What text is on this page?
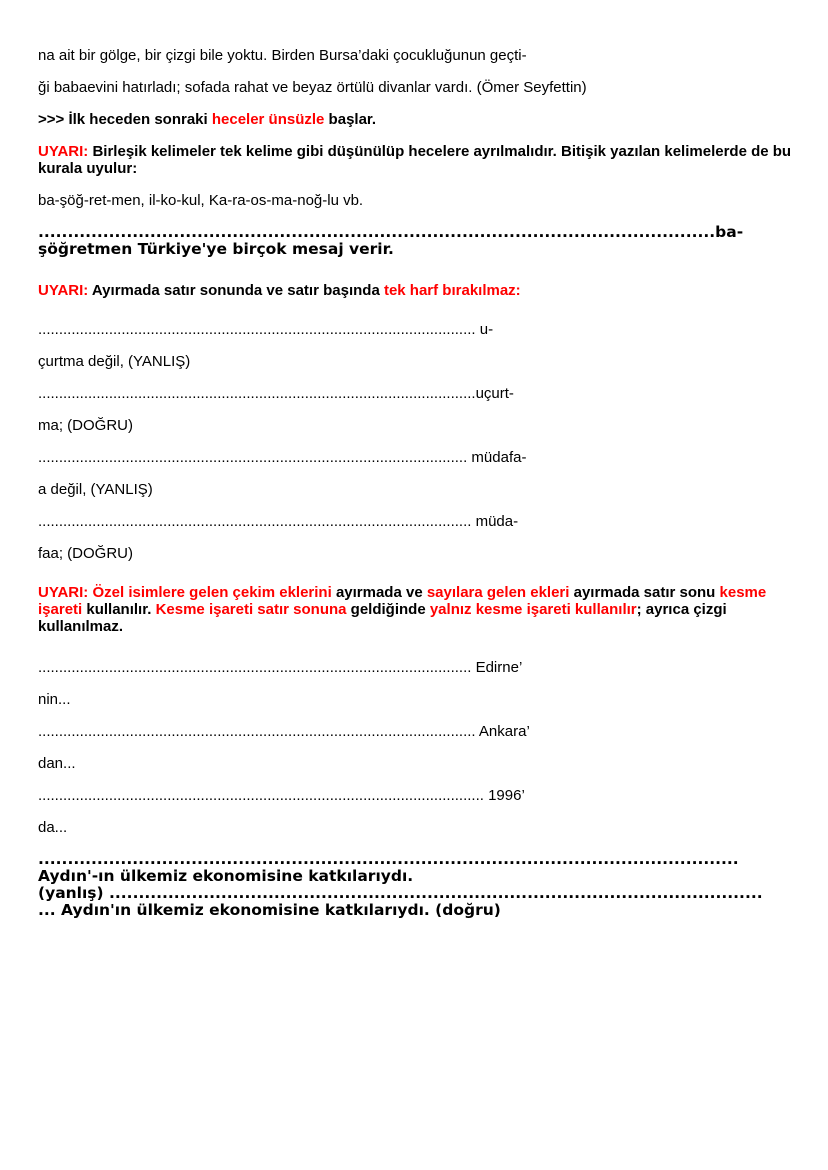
na ait bir gölge, bir çizgi bile yoktu. Birden Bursa’daki çocukluğunun geçti-

ği babaevini hatırladı; sofada rahat ve beyaz örtülü divanlar vardı. (Ömer Seyfettin)

>>> İlk heceden sonraki heceler ünsüzle başlar.

UYARI: Birleşik kelimeler tek kelime gibi düşünülüp hecelere ayrılmalıdır. Bitişik yazılan kelimelerde de bu kurala uyulur:

ba-şöğ-ret-men, il-ko-kul, Ka-ra-os-ma-noğ-lu vb.

...................................................................................................................ba-

şöğretmen Türkiye'ye birçok mesaj verir.

UYARI: Ayırmada satır sonunda ve satır başında tek harf bırakılmaz:

......................................................................................................... u-

çurtma değil, (YANLIŞ)

.........................................................................................................uçurt-

ma; (DOĞRU)

....................................................................................................... müdafa-

a değil, (YANLIŞ)

........................................................................................................ müda-

faa; (DOĞRU)

UYARI: Özel isimlere gelen çekim eklerini ayırmada ve sayılara gelen ekleri ayırmada satır sonu kesme işareti kullanılır. Kesme işareti satır sonuna geldiğinde yalnız kesme işareti kullanılır; ayrıca çizgi kullanılmaz.

........................................................................................................ Edirne’

nin...

......................................................................................................... Ankara’

dan...

........................................................................................................... 1996’

da...

.......................................................................................................................

Aydın'-ın ülkemiz ekonomisine katkılarıydı.

(yanlış) ...............................................................................................................

... Aydın'ın ülkemiz ekonomisine katkılarıydı. (doğru)
